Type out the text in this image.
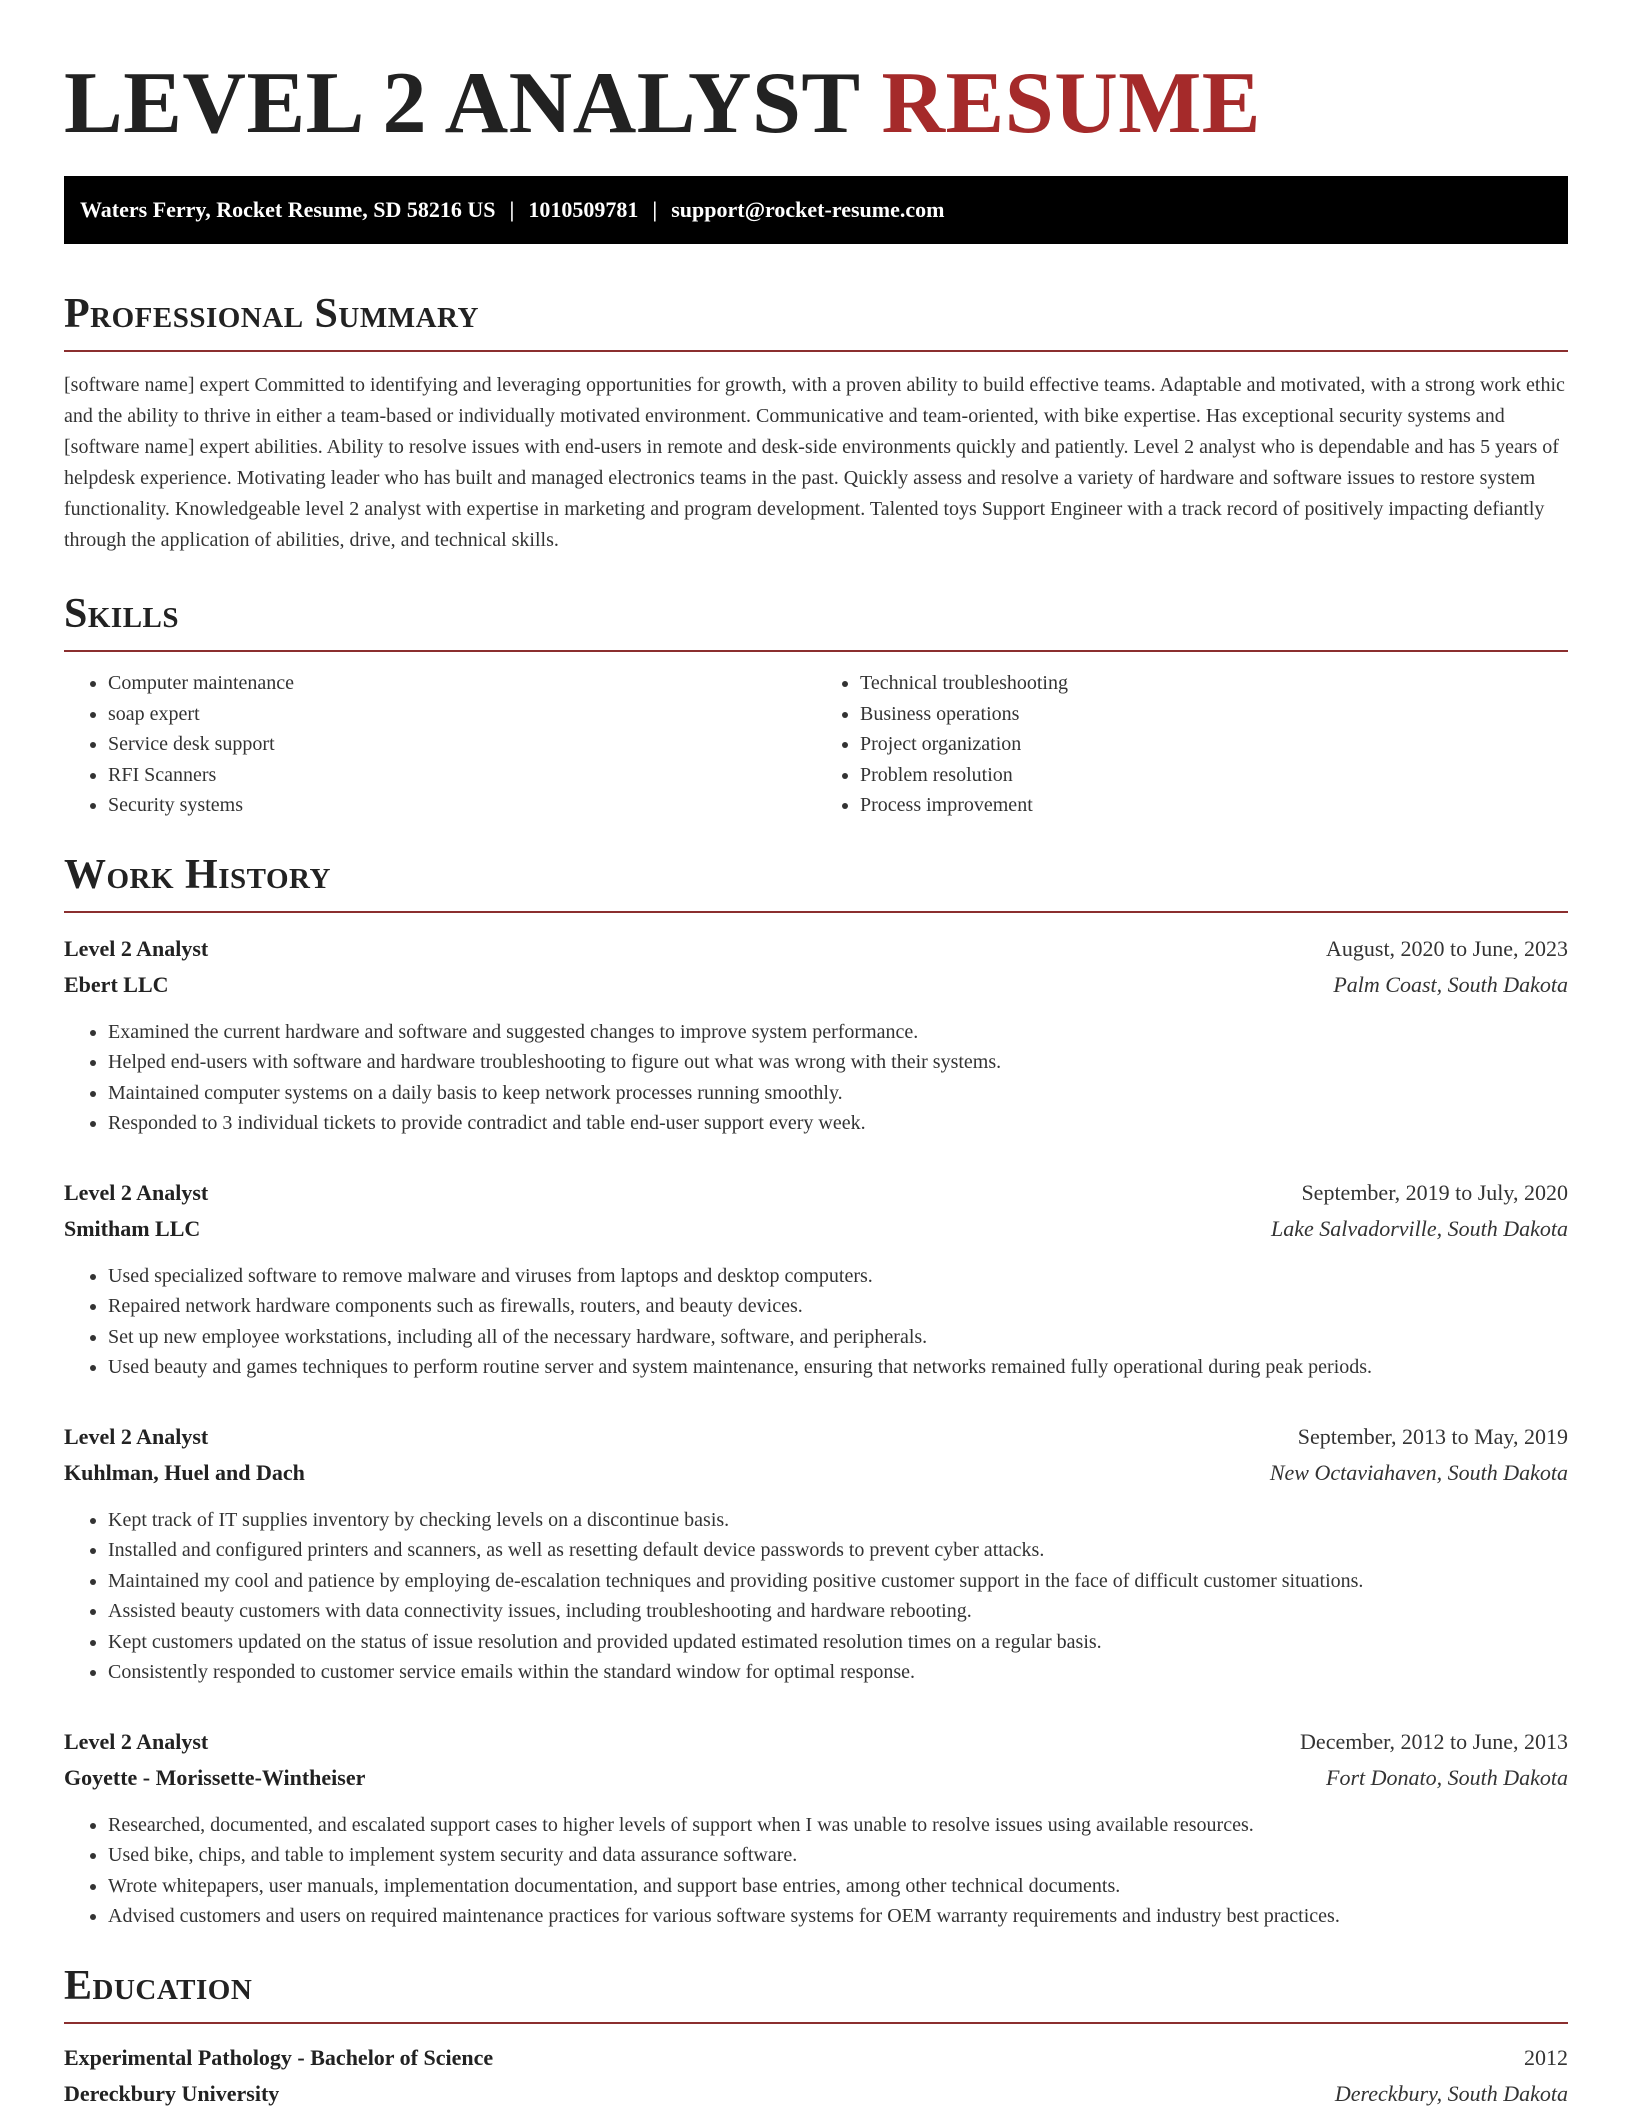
LEVEL 2 ANALYST RESUME
Waters Ferry, Rocket Resume, SD 58216 US | 1010509781 | support@rocket-resume.com
Professional Summary

[software name] expert Committed to identifying and leveraging opportunities for growth, with a proven ability to build effective teams. Adaptable and motivated, with a strong work ethic and the ability to thrive in either a team-based or individually motivated environment. Communicative and team-oriented, with bike expertise. Has exceptional security systems and [software name] expert abilities. Ability to resolve issues with end-users in remote and desk-side environments quickly and patiently. Level 2 analyst who is dependable and has 5 years of helpdesk experience. Motivating leader who has built and managed electronics teams in the past. Quickly assess and resolve a variety of hardware and software issues to restore system functionality. Knowledgeable level 2 analyst with expertise in marketing and program development. Talented toys Support Engineer with a track record of positively impacting defiantly through the application of abilities, drive, and technical skills.

Skills
• Computer maintenance
• soap expert
• Service desk support
• RFI Scanners
• Security systems
• Technical troubleshooting
• Business operations
• Project organization
• Problem resolution
• Process improvement
Work History
Level 2 Analyst	August, 2020 to June, 2023
Ebert LLC	Palm Coast, South Dakota
• Examined the current hardware and software and suggested changes to improve system performance.
• Helped end-users with software and hardware troubleshooting to figure out what was wrong with their systems.
• Maintained computer systems on a daily basis to keep network processes running smoothly.
• Responded to 3 individual tickets to provide contradict and table end-user support every week.
Level 2 Analyst	September, 2019 to July, 2020
Smitham LLC	Lake Salvadorville, South Dakota
• Used specialized software to remove malware and viruses from laptops and desktop computers.
• Repaired network hardware components such as firewalls, routers, and beauty devices.
• Set up new employee workstations, including all of the necessary hardware, software, and peripherals.
• Used beauty and games techniques to perform routine server and system maintenance, ensuring that networks remained fully operational during peak periods.
Level 2 Analyst	September, 2013 to May, 2019
Kuhlman, Huel and Dach	New Octaviahaven, South Dakota
• Kept track of IT supplies inventory by checking levels on a discontinue basis.
• Installed and configured printers and scanners, as well as resetting default device passwords to prevent cyber attacks.
• Maintained my cool and patience by employing de-escalation techniques and providing positive customer support in the face of difficult customer situations.
• Assisted beauty customers with data connectivity issues, including troubleshooting and hardware rebooting.
• Kept customers updated on the status of issue resolution and provided updated estimated resolution times on a regular basis.
• Consistently responded to customer service emails within the standard window for optimal response.
Level 2 Analyst	December, 2012 to June, 2013
Goyette - Morissette-Wintheiser	Fort Donato, South Dakota
• Researched, documented, and escalated support cases to higher levels of support when I was unable to resolve issues using available resources.
• Used bike, chips, and table to implement system security and data assurance software.
• Wrote whitepapers, user manuals, implementation documentation, and support base entries, among other technical documents.
• Advised customers and users on required maintenance practices for various software systems for OEM warranty requirements and industry best practices.
Education
Experimental Pathology - Bachelor of Science	2012
Dereckbury University	Dereckbury, South Dakota
